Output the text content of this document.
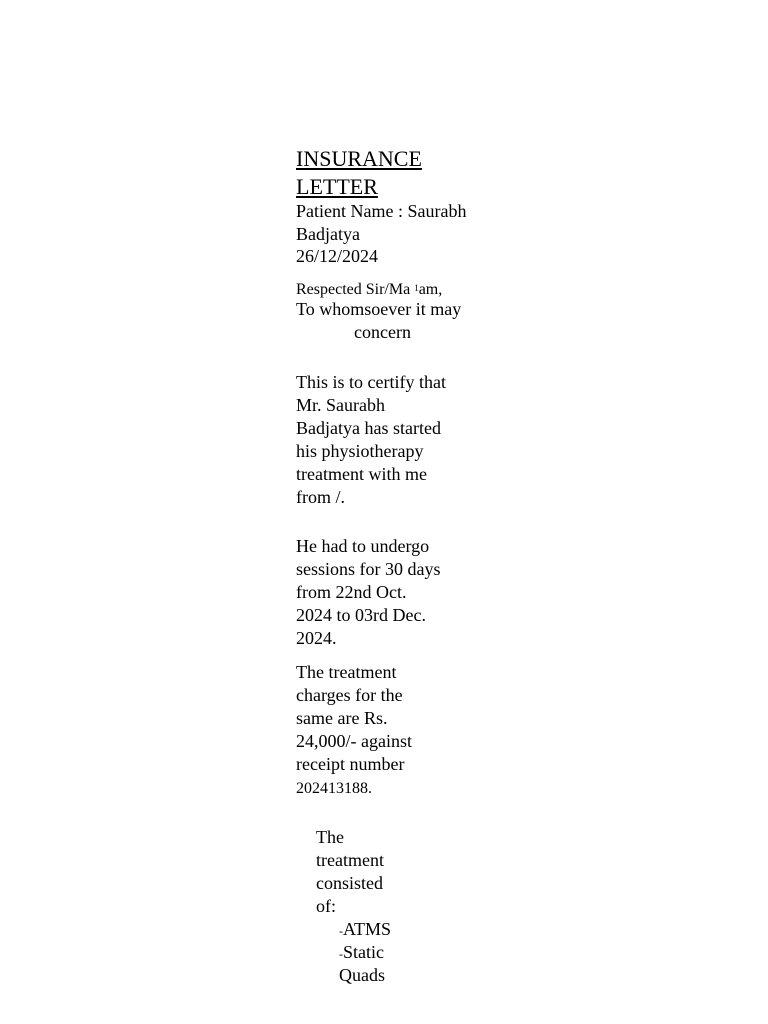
INSURANCE LETTER
Patient Name : Saurabh Badjatya
26/12/2024
Respected Sir/Ma $^1$am,
To whomsoever it may
concern

This is to certify that Mr. Saurabh Badjatya has started his physiotherapy treatment with me from /.

He had to undergo sessions for 30 days from 22nd Oct. 2024 to 03rd Dec. 2024.

The treatment charges for the same are Rs. 24,000/- against receipt number 202413188.

The treatment consisted of:

-ATMS
-Static
Quads
